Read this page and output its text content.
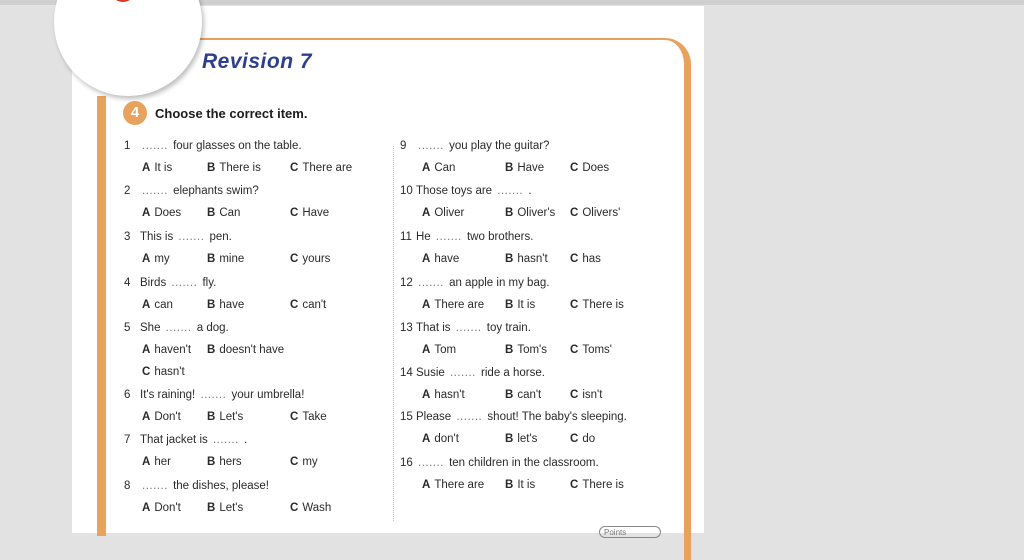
Revision 7
4	Choose the correct item.
1 ....... four glasses on the table.
A It is	B There is	C There are
2 ....... elephants swim?
A Does B Can	C Have
3 This is ....... pen.
A my	B mine	C yours
4 Birds ....... fly.
A can	B have	C can't
5 She ....... a dog.
A haven't B doesn't have
C hasn't
6 It's raining! ....... your umbrella!
A Don't B Let's	C Take
7 That jacket is ....... .
A her	B hers	C my
8 ....... the dishes, please!
A Don't B Let's	C Wash
9 ....... you play the guitar?
A Can	B Have C Does
10 Those toys are ....... .
A Oliver	B Oliver's C Olivers'
11 He ....... two brothers.
A have	B hasn't C has
12 ....... an apple in my bag.
A There are B It is	C There is
13 That is ....... toy train.
A Tom	B Tom's C Toms'
14 Susie ....... ride a horse.
A hasn't	B can't	C isn't
15 Please ....... shout! The baby's sleeping.
A don't	B let's	C do
16 ....... ten children in the classroom.
A There are B It is	C There is
Points
